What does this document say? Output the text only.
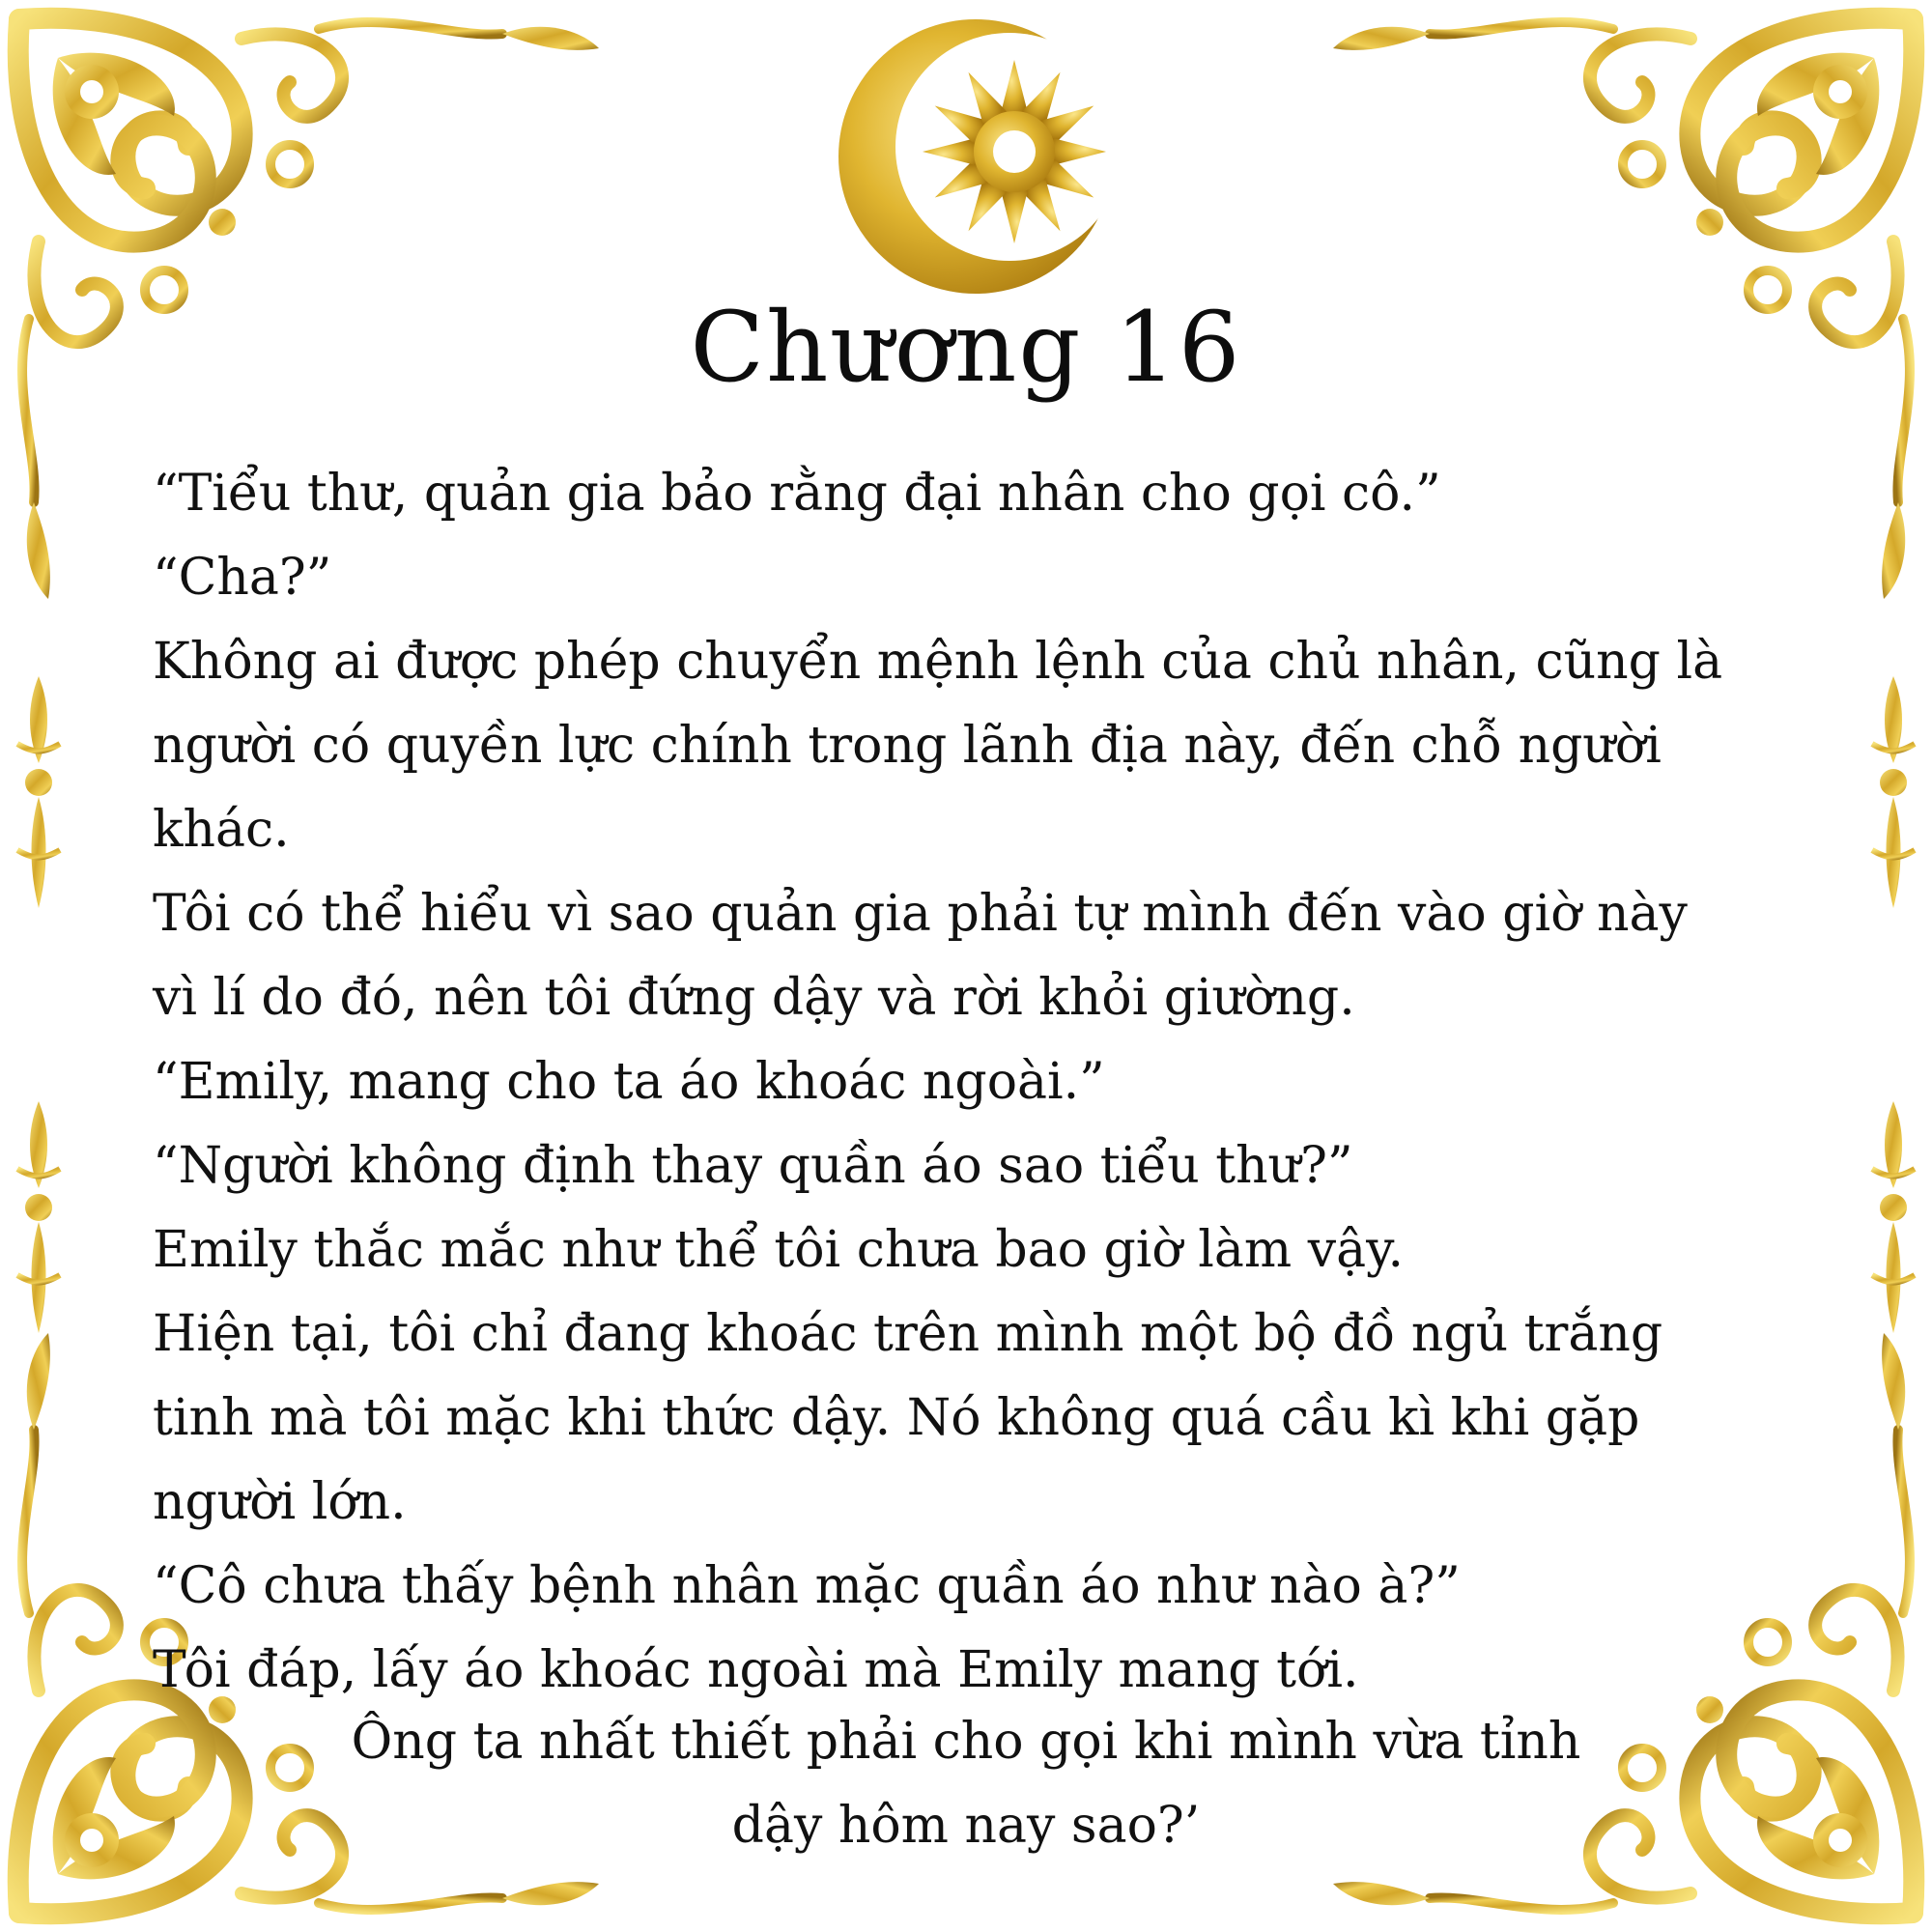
Chương 16

“Tiểu thư, quản gia bảo rằng đại nhân cho gọi cô.”

“Cha?”

Không ai được phép chuyển mệnh lệnh của chủ nhân, cũng là

người có quyền lực chính trong lãnh địa này, đến chỗ người

khác.

Tôi có thể hiểu vì sao quản gia phải tự mình đến vào giờ này

vì lí do đó, nên tôi đứng dậy và rời khỏi giường.

“Emily, mang cho ta áo khoác ngoài.”

“Người không định thay quần áo sao tiểu thư?”

Emily thắc mắc như thể tôi chưa bao giờ làm vậy.

Hiện tại, tôi chỉ đang khoác trên mình một bộ đồ ngủ trắng

tinh mà tôi mặc khi thức dậy. Nó không quá cầu kì khi gặp

người lớn.

“Cô chưa thấy bệnh nhân mặc quần áo như nào à?”

Tôi đáp, lấy áo khoác ngoài mà Emily mang tới.

Ông ta nhất thiết phải cho gọi khi mình vừa tỉnh

dậy hôm nay sao?’
